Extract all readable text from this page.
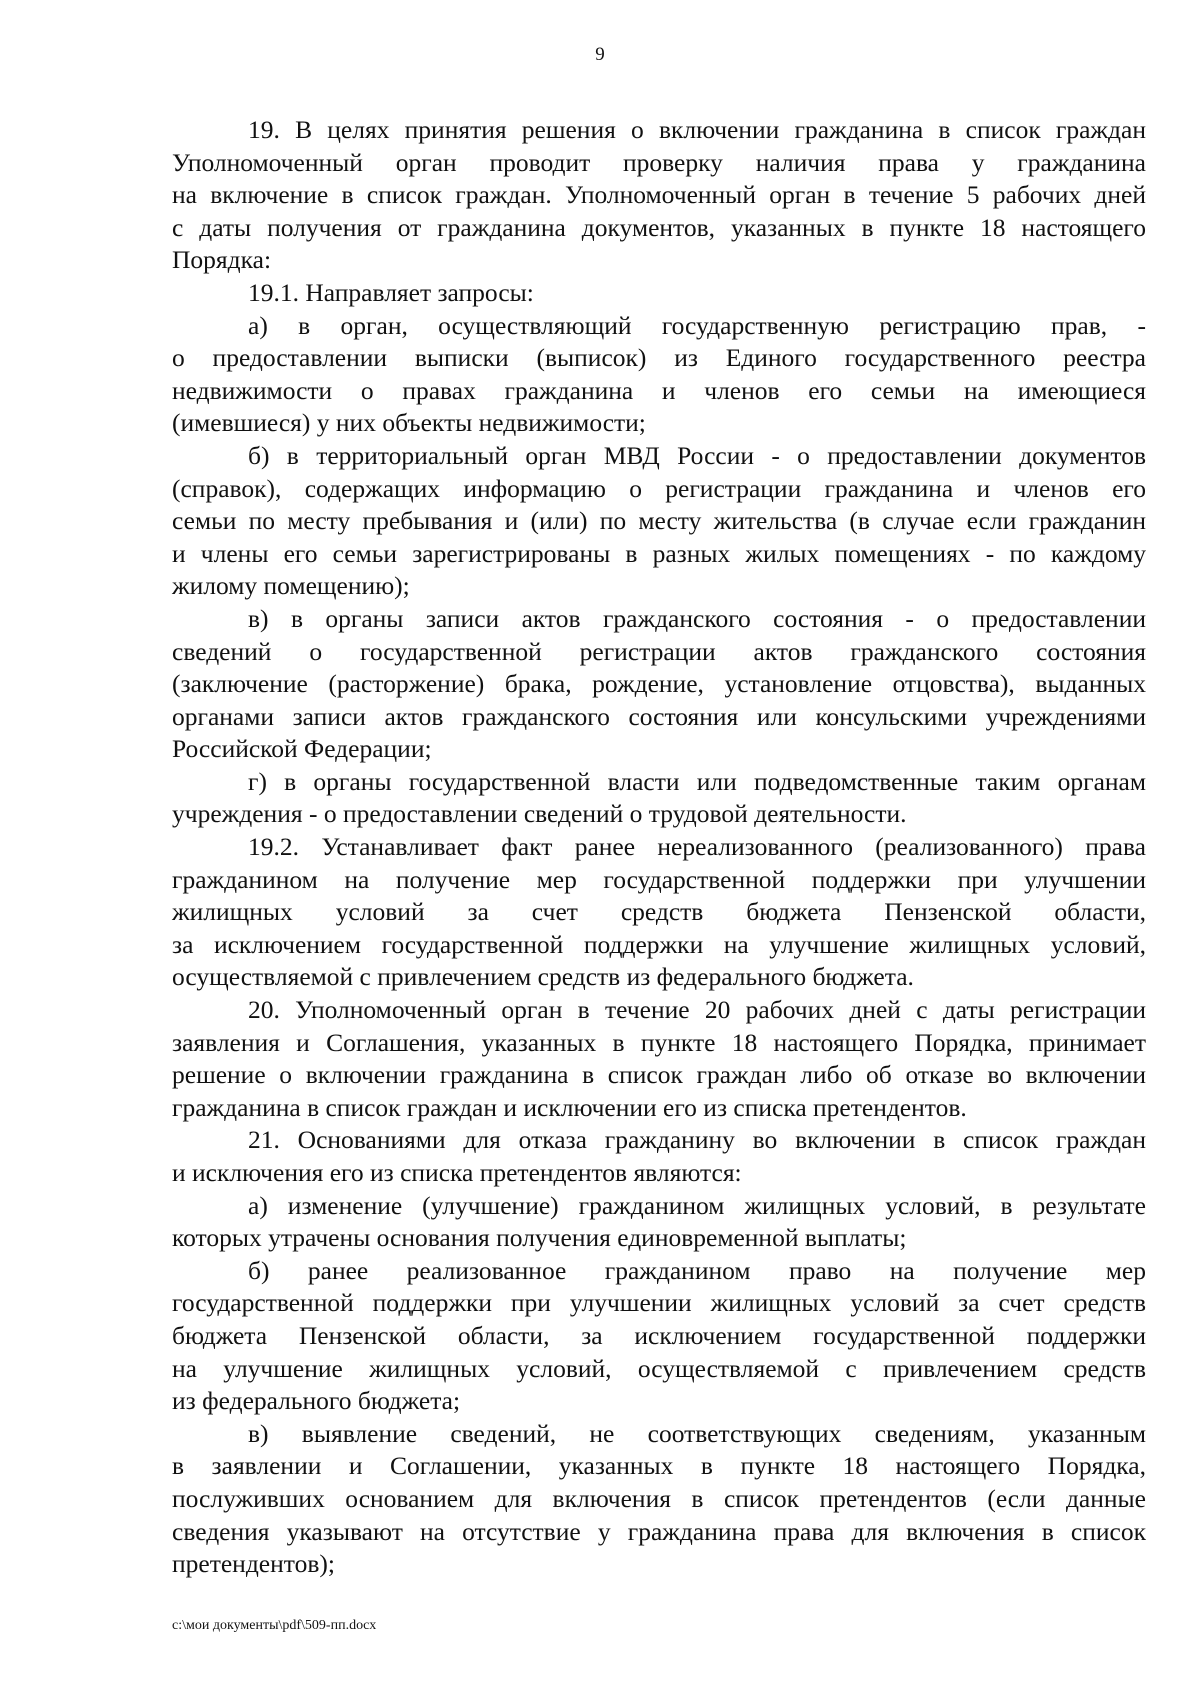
9
19. В целях принятия решения о включении гражданина в список граждан
Уполномоченный орган проводит проверку наличия права у гражданина
на включение в список граждан. Уполномоченный орган в течение 5 рабочих дней
с даты получения от гражданина документов, указанных в пункте 18 настоящего
Порядка:
19.1. Направляет запросы:
а) в орган, осуществляющий государственную регистрацию прав, -
о предоставлении выписки (выписок) из Единого государственного реестра
недвижимости о правах гражданина и членов его семьи на имеющиеся
(имевшиеся) у них объекты недвижимости;
б) в территориальный орган МВД России - о предоставлении документов
(справок), содержащих информацию о регистрации гражданина и членов его
семьи по месту пребывания и (или) по месту жительства (в случае если гражданин
и члены его семьи зарегистрированы в разных жилых помещениях - по каждому
жилому помещению);
в) в органы записи актов гражданского состояния - о предоставлении
сведений о государственной регистрации актов гражданского состояния
(заключение (расторжение) брака, рождение, установление отцовства), выданных
органами записи актов гражданского состояния или консульскими учреждениями
Российской Федерации;
г) в органы государственной власти или подведомственные таким органам
учреждения - о предоставлении сведений о трудовой деятельности.
19.2. Устанавливает факт ранее нереализованного (реализованного) права
гражданином на получение мер государственной поддержки при улучшении
жилищных условий за счет средств бюджета Пензенской области,
за исключением государственной поддержки на улучшение жилищных условий,
осуществляемой с привлечением средств из федерального бюджета.
20. Уполномоченный орган в течение 20 рабочих дней с даты регистрации
заявления и Соглашения, указанных в пункте 18 настоящего Порядка, принимает
решение о включении гражданина в список граждан либо об отказе во включении
гражданина в список граждан и исключении его из списка претендентов.
21. Основаниями для отказа гражданину во включении в список граждан
и исключения его из списка претендентов являются:
а) изменение (улучшение) гражданином жилищных условий, в результате
которых утрачены основания получения единовременной выплаты;
б) ранее реализованное гражданином право на получение мер
государственной поддержки при улучшении жилищных условий за счет средств
бюджета Пензенской области, за исключением государственной поддержки
на улучшение жилищных условий, осуществляемой с привлечением средств
из федерального бюджета;
в) выявление сведений, не соответствующих сведениям, указанным
в заявлении и Соглашении, указанных в пункте 18 настоящего Порядка,
послуживших основанием для включения в список претендентов (если данные
сведения указывают на отсутствие у гражданина права для включения в список
претендентов);
c:\мои документы\pdf\509-пп.docx
